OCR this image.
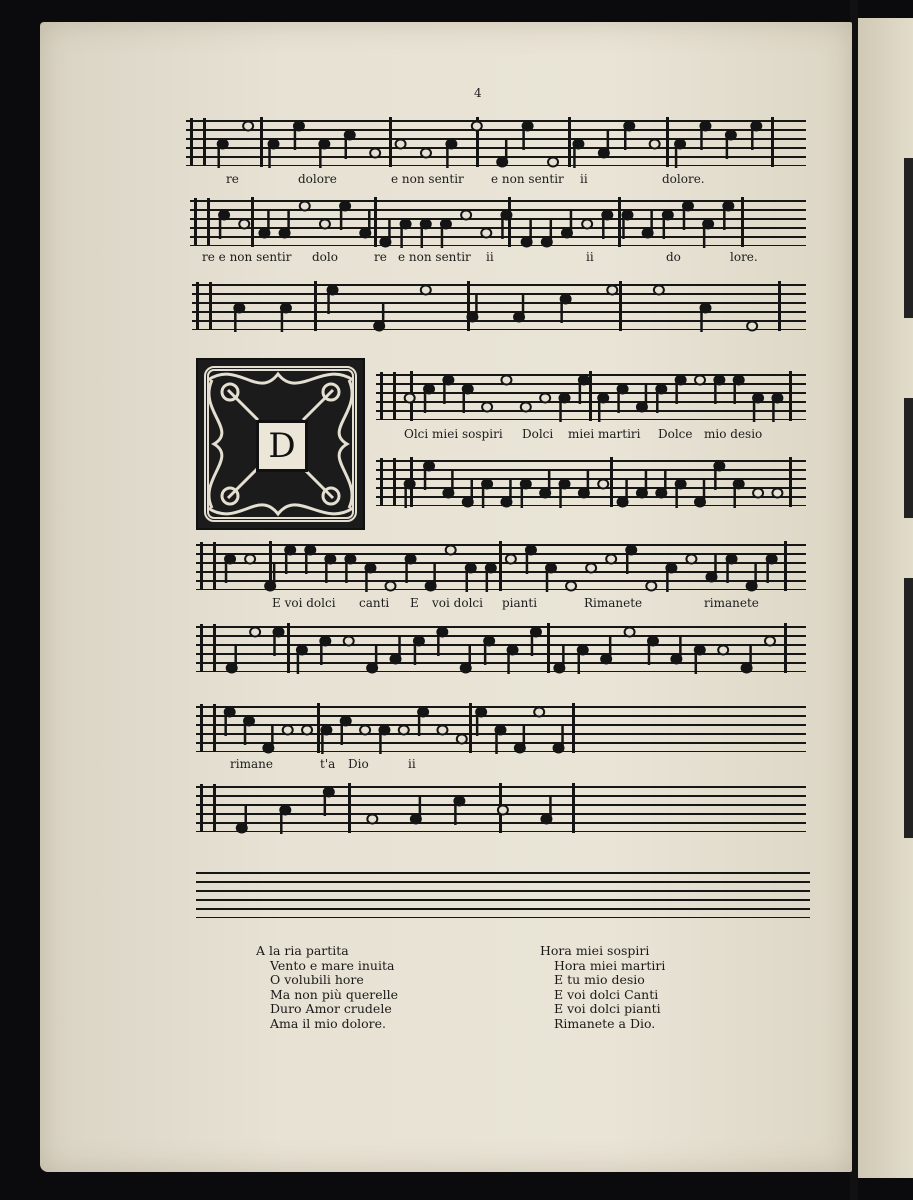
4
re	dolore	e non sentir e non sentir ii	dolore.
re e non sentir dolo	re e non sentir ii	ii	do	lore.
D	Olci miei sospiri Dolci miei martiri Dolce mio desio
E voi dolci canti E voi dolci pianti	Rimanete	rimanete
rimane	t'a Dio	ii
A la ria partita
Vento e mare inuita
O volubili hore
Ma non più querelle
Duro Amor crudele
Ama il mio dolore.
Hora miei sospiri
Hora miei martiri
E tu mio desio
E voi dolci Canti
E voi dolci pianti
Rimanete a Dio.
